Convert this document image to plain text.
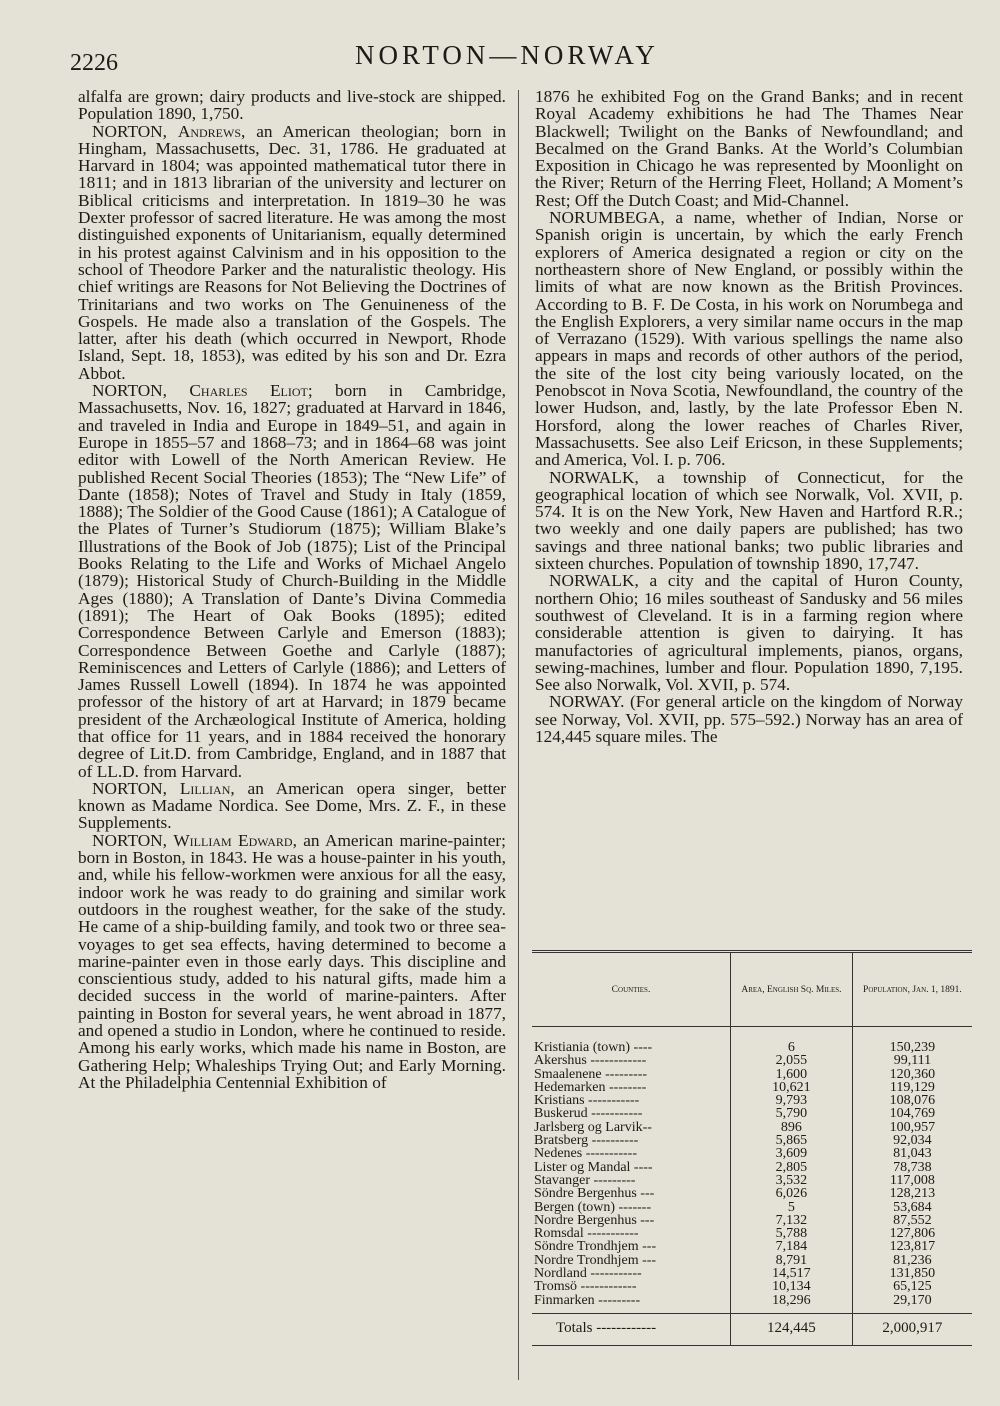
2226	NORTON—NORWAY

alfalfa are grown; dairy products and live-stock are shipped. Population 1890, 1,750.

NORTON, Andrews, an American theologian; born in Hingham, Massachusetts, Dec. 31, 1786. He graduated at Harvard in 1804; was appointed mathematical tutor there in 1811; and in 1813 librarian of the university and lecturer on Biblical criticisms and interpretation. In 1819–30 he was Dexter professor of sacred literature. He was among the most distinguished exponents of Unitarianism, equally determined in his protest against Calvinism and in his opposition to the school of Theodore Parker and the naturalistic theology. His chief writings are Reasons for Not Believing the Doctrines of Trinitarians and two works on The Genuineness of the Gospels. He made also a translation of the Gospels. The latter, after his death (which occurred in Newport, Rhode Island, Sept. 18, 1853), was edited by his son and Dr. Ezra Abbot.

NORTON, Charles Eliot; born in Cambridge, Massachusetts, Nov. 16, 1827; graduated at Harvard in 1846, and traveled in India and Europe in 1849–51, and again in Europe in 1855–57 and 1868–73; and in 1864–68 was joint editor with Lowell of the North American Review. He published Recent Social Theories (1853); The “New Life” of Dante (1858); Notes of Travel and Study in Italy (1859, 1888); The Soldier of the Good Cause (1861); A Catalogue of the Plates of Turner’s Studiorum (1875); William Blake’s Illustrations of the Book of Job (1875); List of the Principal Books Relating to the Life and Works of Michael Angelo (1879); Historical Study of Church-Building in the Middle Ages (1880); A Translation of Dante’s Divina Commedia (1891); The Heart of Oak Books (1895); edited Correspondence Between Carlyle and Emerson (1883); Correspondence Between Goethe and Carlyle (1887); Reminiscences and Letters of Carlyle (1886); and Letters of James Russell Lowell (1894). In 1874 he was appointed professor of the history of art at Harvard; in 1879 became president of the Archæological Institute of America, holding that office for 11 years, and in 1884 received the honorary degree of Lit.D. from Cambridge, England, and in 1887 that of LL.D. from Harvard.

NORTON, Lillian, an American opera singer, better known as Madame Nordica. See Dome, Mrs. Z. F., in these Supplements.

NORTON, William Edward, an American marine-painter; born in Boston, in 1843. He was a house-painter in his youth, and, while his fellow-workmen were anxious for all the easy, indoor work he was ready to do graining and similar work outdoors in the roughest weather, for the sake of the study. He came of a ship-building family, and took two or three sea-voyages to get sea effects, having determined to become a marine-painter even in those early days. This discipline and conscientious study, added to his natural gifts, made him a decided success in the world of marine-painters. After painting in Boston for several years, he went abroad in 1877, and opened a studio in London, where he continued to reside. Among his early works, which made his name in Boston, are Gathering Help; Whaleships Trying Out; and Early Morning. At the Philadelphia Centennial Exhibition of

1876 he exhibited Fog on the Grand Banks; and in recent Royal Academy exhibitions he had The Thames Near Blackwell; Twilight on the Banks of Newfoundland; and Becalmed on the Grand Banks. At the World’s Columbian Exposition in Chicago he was represented by Moonlight on the River; Return of the Herring Fleet, Holland; A Moment’s Rest; Off the Dutch Coast; and Mid-Channel.

NORUMBEGA, a name, whether of Indian, Norse or Spanish origin is uncertain, by which the early French explorers of America designated a region or city on the northeastern shore of New England, or possibly within the limits of what are now known as the British Provinces. According to B. F. De Costa, in his work on Norumbega and the English Explorers, a very similar name occurs in the map of Verrazano (1529). With various spellings the name also appears in maps and records of other authors of the period, the site of the lost city being variously located, on the Penobscot in Nova Scotia, Newfoundland, the country of the lower Hudson, and, lastly, by the late Professor Eben N. Horsford, along the lower reaches of Charles River, Massachusetts. See also Leif Ericson, in these Supplements; and America, Vol. I. p. 706.

NORWALK, a township of Connecticut, for the geographical location of which see Norwalk, Vol. XVII, p. 574. It is on the New York, New Haven and Hartford R.R.; two weekly and one daily papers are published; has two savings and three national banks; two public libraries and sixteen churches. Population of township 1890, 17,747.

NORWALK, a city and the capital of Huron County, northern Ohio; 16 miles southeast of Sandusky and 56 miles southwest of Cleveland. It is in a farming region where considerable attention is given to dairying. It has manufactories of agricultural implements, pianos, organs, sewing-machines, lumber and flour. Population 1890, 7,195. See also Norwalk, Vol. XVII, p. 574.

NORWAY. (For general article on the kingdom of Norway see Norway, Vol. XVII, pp. 575–592.) Norway has an area of 124,445 square miles. The

Counties.	Area, English Sq. Miles.	Population, Jan. 1, 1891.
Kristiania (town) ----	6	150,239
Akershus ------------	2,055	99,111
Smaalenene ---------	1,600	120,360
Hedemarken --------	10,621	119,129
Kristians -----------	9,793	108,076
Buskerud -----------	5,790	104,769
Jarlsberg og Larvik--	896	100,957
Bratsberg ----------	5,865	92,034
Nedenes -----------	3,609	81,043
Lister og Mandal ----	2,805	78,738
Stavanger ---------	3,532	117,008
Söndre Bergenhus ---	6,026	128,213
Bergen (town) -------	5	53,684
Nordre Bergenhus ---	7,132	87,552
Romsdal -----------	5,788	127,806
Söndre Trondhjem ---	7,184	123,817
Nordre Trondhjem ---	8,791	81,236
Nordland -----------	14,517	131,850
Tromsö ------------	10,134	65,125
Finmarken ---------	18,296	29,170
Totals ------------	124,445	2,000,917
